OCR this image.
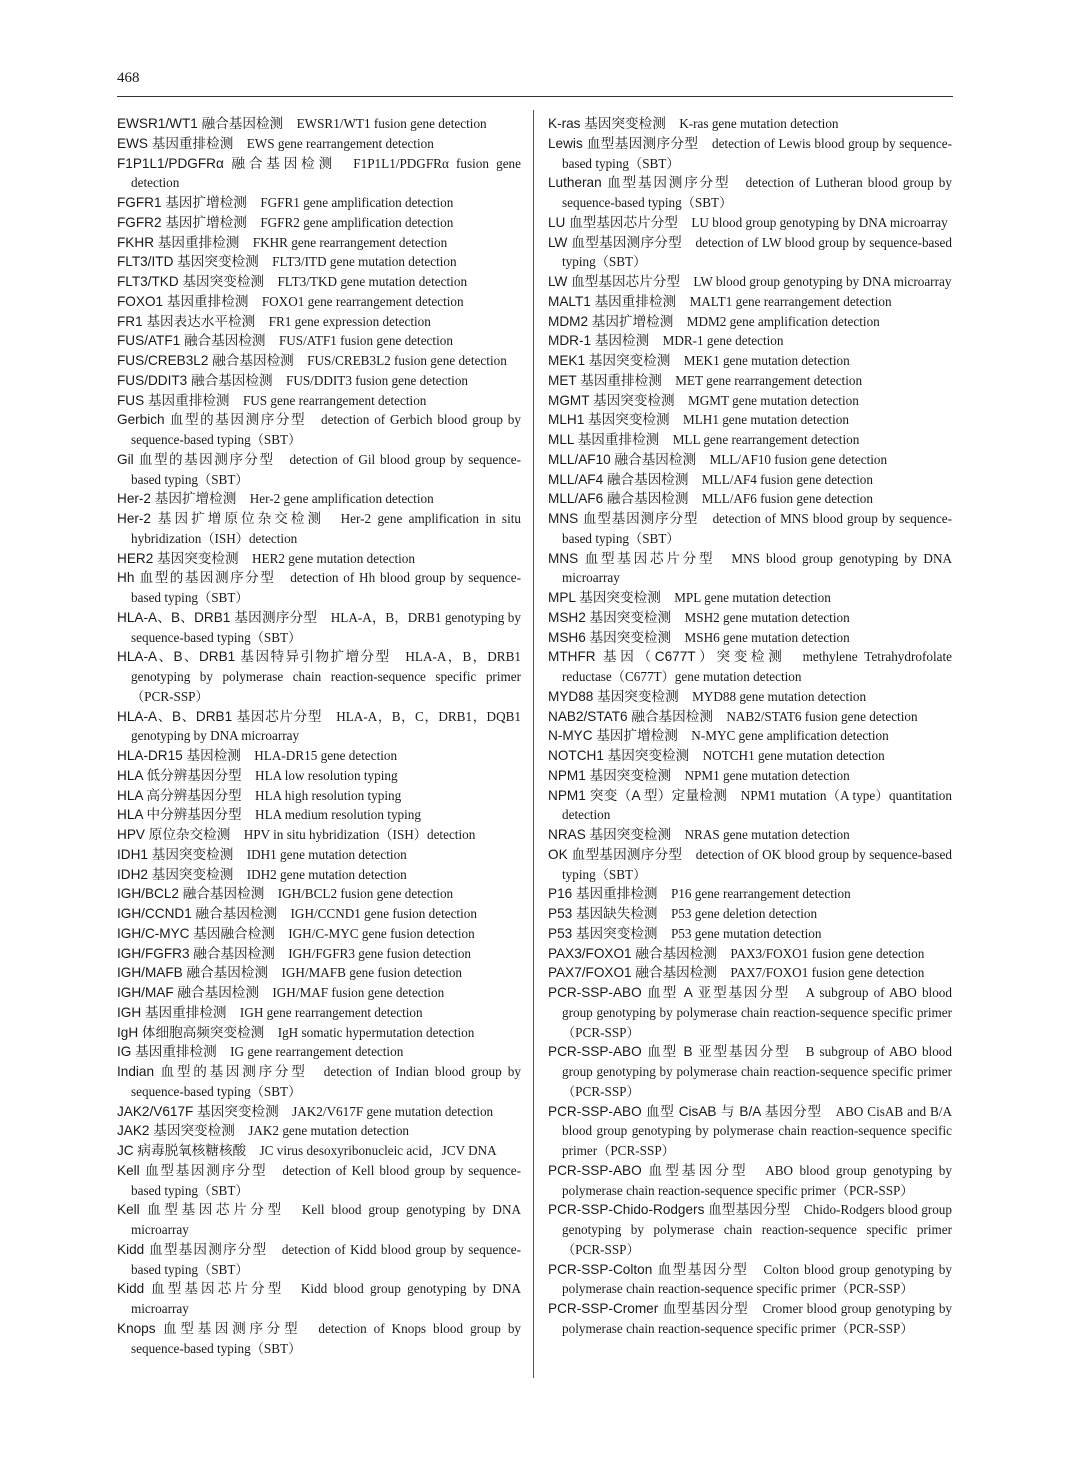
468

EWSR1/WT1 融合基因检测 EWSR1/WT1 fusion gene detection

EWS 基因重排检测 EWS gene rearrangement detection

F1P1L1/PDGFRα 融合基因检测 F1P1L1/PDGFRα fusion gene detection

FGFR1 基因扩增检测 FGFR1 gene amplification detection

FGFR2 基因扩增检测 FGFR2 gene amplification detection

FKHR 基因重排检测 FKHR gene rearrangement detection

FLT3/ITD 基因突变检测 FLT3/ITD gene mutation detection

FLT3/TKD 基因突变检测 FLT3/TKD gene mutation detection

FOXO1 基因重排检测 FOXO1 gene rearrangement detection

FR1 基因表达水平检测 FR1 gene expression detection

FUS/ATF1 融合基因检测 FUS/ATF1 fusion gene detection

FUS/CREB3L2 融合基因检测 FUS/CREB3L2 fusion gene detection

FUS/DDIT3 融合基因检测 FUS/DDIT3 fusion gene detection

FUS 基因重排检测 FUS gene rearrangement detection

Gerbich 血型的基因测序分型 detection of Gerbich blood group by sequence-based typing（SBT）

Gil 血型的基因测序分型 detection of Gil blood group by sequence-based typing（SBT）

Her-2 基因扩增检测 Her-2 gene amplification detection

Her-2 基因扩增原位杂交检测 Her-2 gene amplification in situ hybridization（ISH）detection

HER2 基因突变检测 HER2 gene mutation detection

Hh 血型的基因测序分型 detection of Hh blood group by sequence-based typing（SBT）

HLA-A、B、DRB1 基因测序分型 HLA-A，B，DRB1 genotyping by sequence-based typing（SBT）

HLA-A、B、DRB1 基因特异引物扩增分型 HLA-A，B，DRB1 genotyping by polymerase chain reaction-sequence specific primer（PCR-SSP）

HLA-A、B、DRB1 基因芯片分型 HLA-A，B，C，DRB1，DQB1 genotyping by DNA microarray

HLA-DR15 基因检测 HLA-DR15 gene detection

HLA 低分辨基因分型 HLA low resolution typing

HLA 高分辨基因分型 HLA high resolution typing

HLA 中分辨基因分型 HLA medium resolution typing

HPV 原位杂交检测 HPV in situ hybridization（ISH）detection

IDH1 基因突变检测 IDH1 gene mutation detection

IDH2 基因突变检测 IDH2 gene mutation detection

IGH/BCL2 融合基因检测 IGH/BCL2 fusion gene detection

IGH/CCND1 融合基因检测 IGH/CCND1 gene fusion detection

IGH/C-MYC 基因融合检测 IGH/C-MYC gene fusion detection

IGH/FGFR3 融合基因检测 IGH/FGFR3 gene fusion detection

IGH/MAFB 融合基因检测 IGH/MAFB gene fusion detection

IGH/MAF 融合基因检测 IGH/MAF fusion gene detection

IGH 基因重排检测 IGH gene rearrangement detection

IgH 体细胞高频突变检测 IgH somatic hypermutation detection

IG 基因重排检测 IG gene rearrangement detection

Indian 血型的基因测序分型 detection of Indian blood group by sequence-based typing（SBT）

JAK2/V617F 基因突变检测 JAK2/V617F gene mutation detection

JAK2 基因突变检测 JAK2 gene mutation detection

JC 病毒脱氧核糖核酸 JC virus desoxyribonucleic acid，JCV DNA

Kell 血型基因测序分型 detection of Kell blood group by sequence-based typing（SBT）

Kell 血型基因芯片分型 Kell blood group genotyping by DNA microarray

Kidd 血型基因测序分型 detection of Kidd blood group by sequence-based typing（SBT）

Kidd 血型基因芯片分型 Kidd blood group genotyping by DNA microarray

Knops 血型基因测序分型 detection of Knops blood group by sequence-based typing（SBT）

K-ras 基因突变检测 K-ras gene mutation detection

Lewis 血型基因测序分型 detection of Lewis blood group by sequence-based typing（SBT）

Lutheran 血型基因测序分型 detection of Lutheran blood group by sequence-based typing（SBT）

LU 血型基因芯片分型 LU blood group genotyping by DNA microarray

LW 血型基因测序分型 detection of LW blood group by sequence-based typing（SBT）

LW 血型基因芯片分型 LW blood group genotyping by DNA microarray

MALT1 基因重排检测 MALT1 gene rearrangement detection

MDM2 基因扩增检测 MDM2 gene amplification detection

MDR-1 基因检测 MDR-1 gene detection

MEK1 基因突变检测 MEK1 gene mutation detection

MET 基因重排检测 MET gene rearrangement detection

MGMT 基因突变检测 MGMT gene mutation detection

MLH1 基因突变检测 MLH1 gene mutation detection

MLL 基因重排检测 MLL gene rearrangement detection

MLL/AF10 融合基因检测 MLL/AF10 fusion gene detection

MLL/AF4 融合基因检测 MLL/AF4 fusion gene detection

MLL/AF6 融合基因检测 MLL/AF6 fusion gene detection

MNS 血型基因测序分型 detection of MNS blood group by sequence-based typing（SBT）

MNS 血型基因芯片分型 MNS blood group genotyping by DNA microarray

MPL 基因突变检测 MPL gene mutation detection

MSH2 基因突变检测 MSH2 gene mutation detection

MSH6 基因突变检测 MSH6 gene mutation detection

MTHFR 基因（C677T）突变检测 methylene Tetrahydrofolate reductase（C677T）gene mutation detection

MYD88 基因突变检测 MYD88 gene mutation detection

NAB2/STAT6 融合基因检测 NAB2/STAT6 fusion gene detection

N-MYC 基因扩增检测 N-MYC gene amplification detection

NOTCH1 基因突变检测 NOTCH1 gene mutation detection

NPM1 基因突变检测 NPM1 gene mutation detection

NPM1 突变（A 型）定量检测 NPM1 mutation（A type）quantitation detection

NRAS 基因突变检测 NRAS gene mutation detection

OK 血型基因测序分型 detection of OK blood group by sequence-based typing（SBT）

P16 基因重排检测 P16 gene rearrangement detection

P53 基因缺失检测 P53 gene deletion detection

P53 基因突变检测 P53 gene mutation detection

PAX3/FOXO1 融合基因检测 PAX3/FOXO1 fusion gene detection

PAX7/FOXO1 融合基因检测 PAX7/FOXO1 fusion gene detection

PCR-SSP-ABO 血型 A 亚型基因分型 A subgroup of ABO blood group genotyping by polymerase chain reaction-sequence specific primer（PCR-SSP）

PCR-SSP-ABO 血型 B 亚型基因分型 B subgroup of ABO blood group genotyping by polymerase chain reaction-sequence specific primer（PCR-SSP）

PCR-SSP-ABO 血型 CisAB 与 B/A 基因分型 ABO CisAB and B/A blood group genotyping by polymerase chain reaction-sequence specific primer（PCR-SSP）

PCR-SSP-ABO 血型基因分型 ABO blood group genotyping by polymerase chain reaction-sequence specific primer（PCR-SSP）

PCR-SSP-Chido-Rodgers 血型基因分型 Chido-Rodgers blood group genotyping by polymerase chain reaction-sequence specific primer（PCR-SSP）

PCR-SSP-Colton 血型基因分型 Colton blood group genotyping by polymerase chain reaction-sequence specific primer（PCR-SSP）

PCR-SSP-Cromer 血型基因分型 Cromer blood group genotyping by polymerase chain reaction-sequence specific primer（PCR-SSP）
